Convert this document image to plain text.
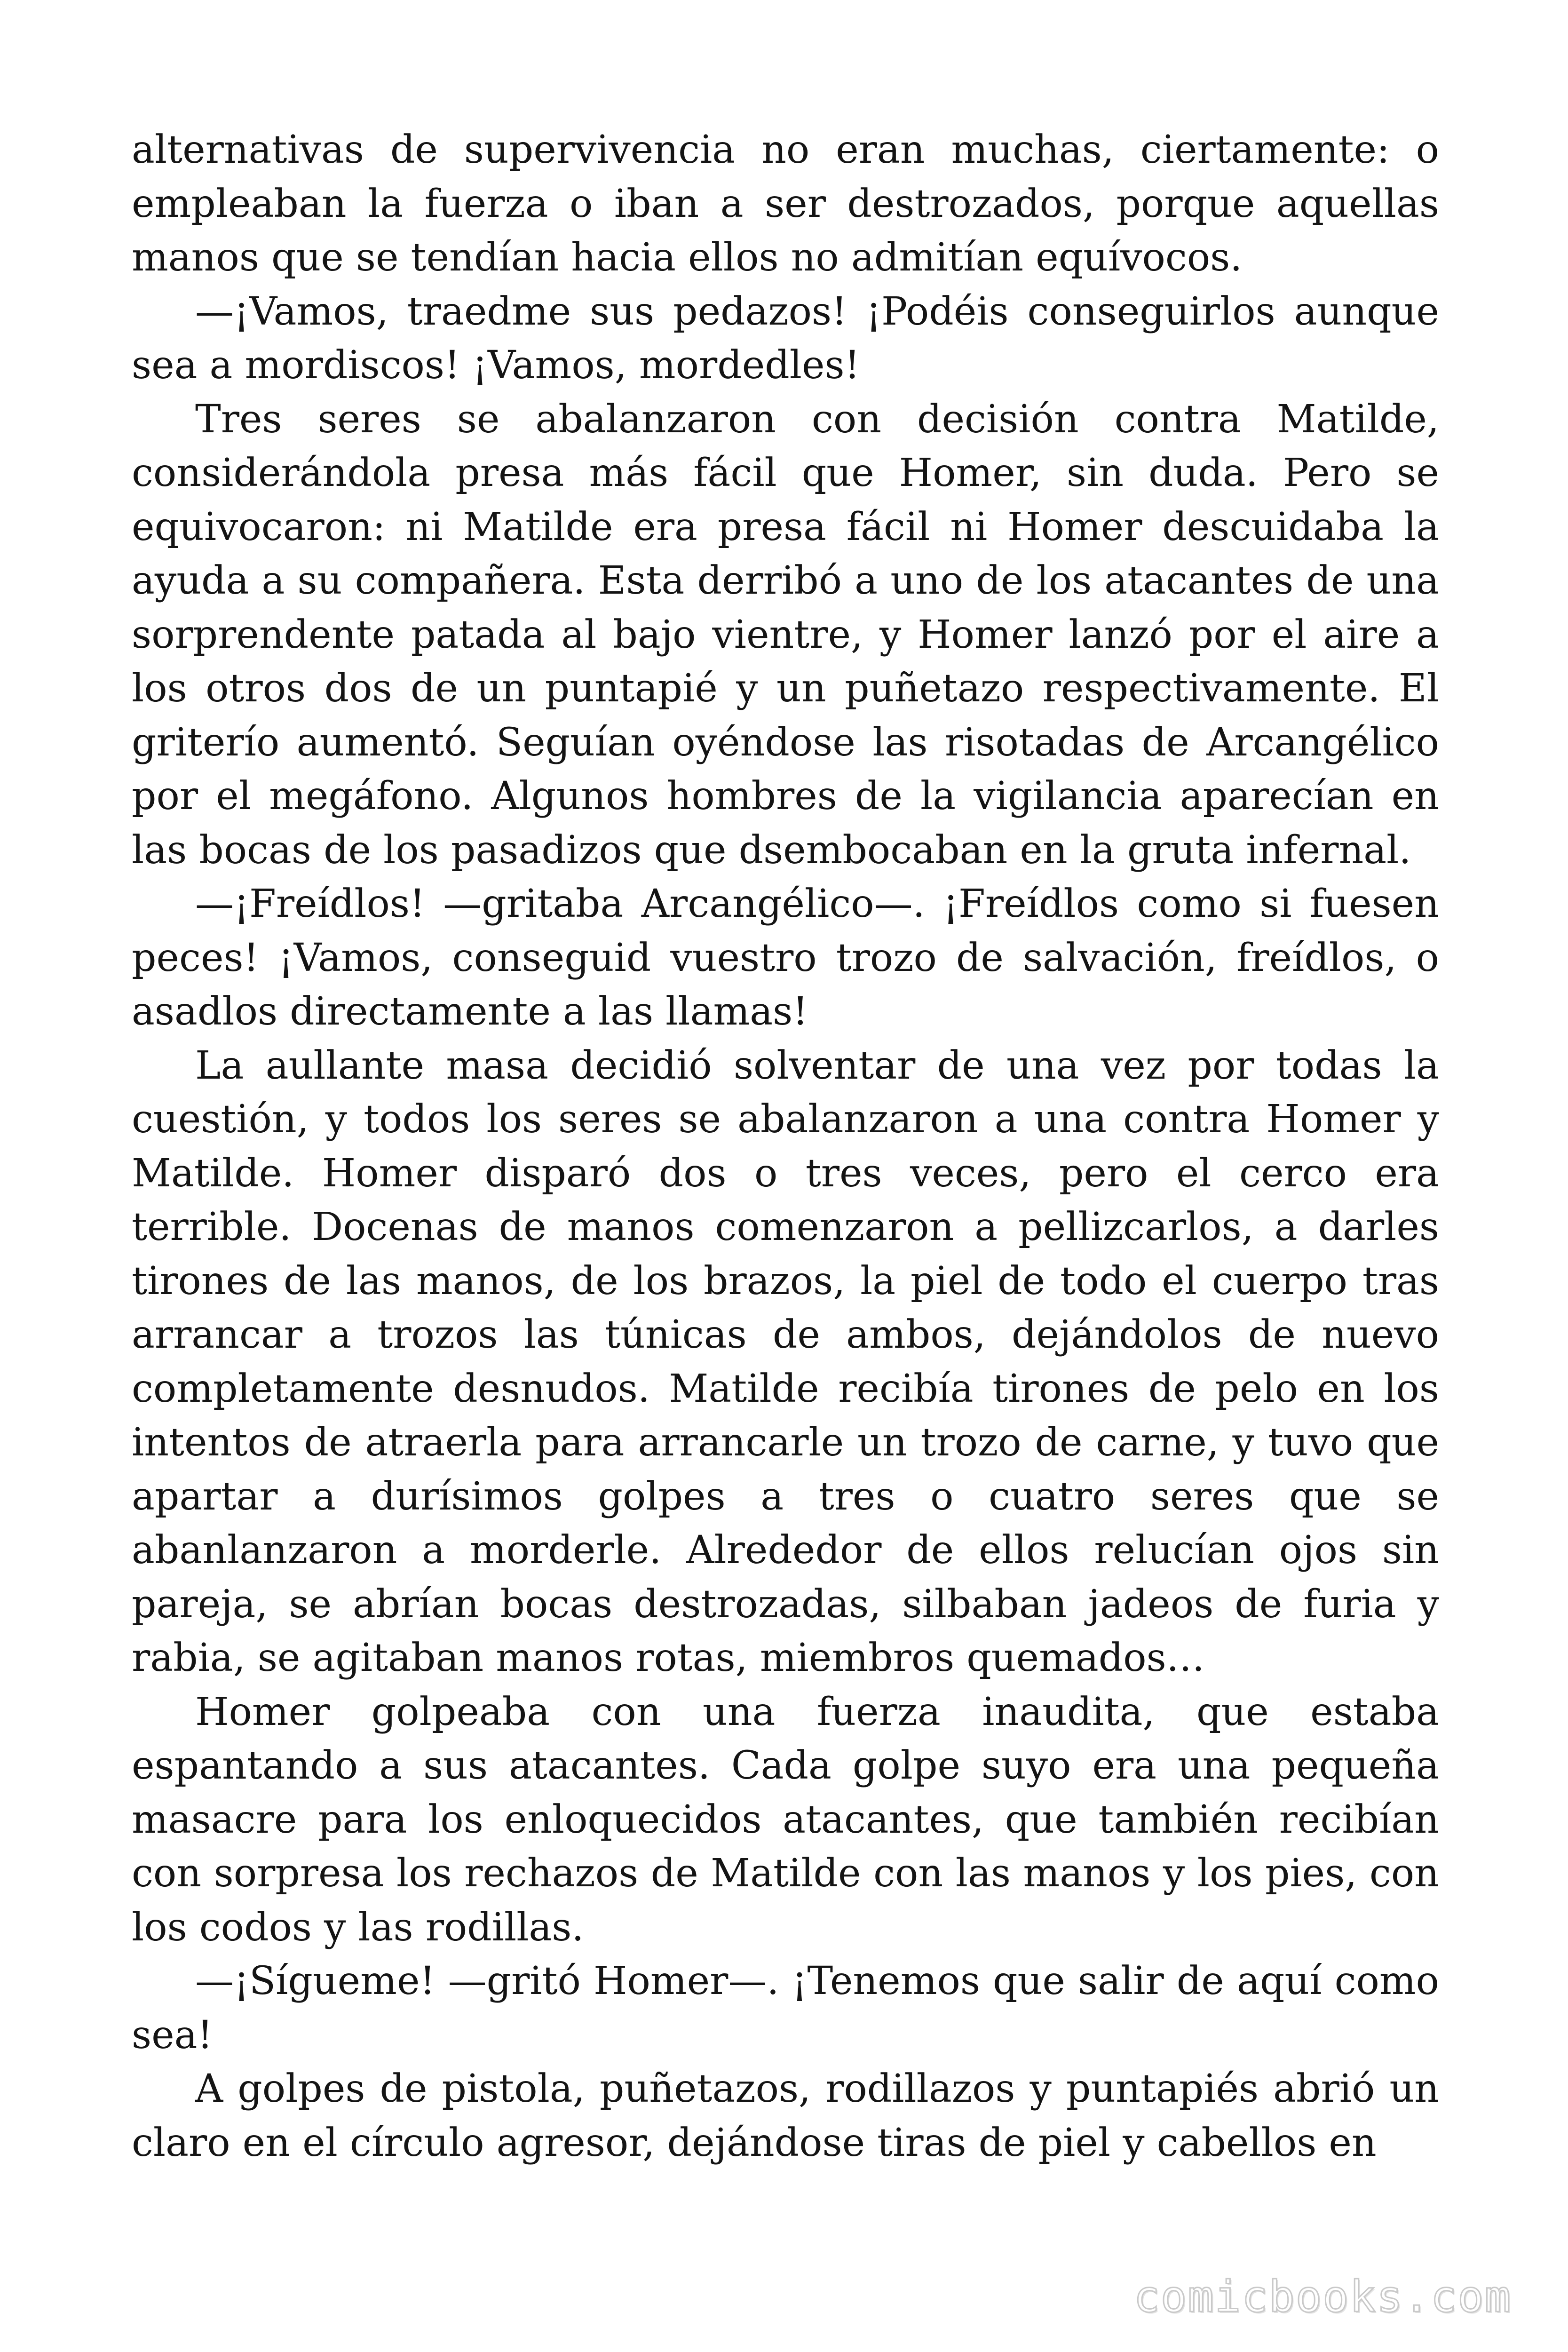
alternativas de supervivencia no eran muchas, ciertamente: o empleaban la fuerza o iban a ser destrozados, porque aquellas manos que se tendían hacia ellos no admitían equívocos.

—¡Vamos, traedme sus pedazos! ¡Podéis conseguirlos aunque sea a mordiscos! ¡Vamos, mordedles!

Tres seres se abalanzaron con decisión contra Matilde, considerándola presa más fácil que Homer, sin duda. Pero se equivocaron: ni Matilde era presa fácil ni Homer descuidaba la ayuda a su compañera. Esta derribó a uno de los atacantes de una sorprendente patada al bajo vientre, y Homer lanzó por el aire a los otros dos de un puntapié y un puñetazo respectivamente. El griterío aumentó. Seguían oyéndose las risotadas de Arcangélico por el megáfono. Algunos hombres de la vigilancia aparecían en las bocas de los pasadizos que dsembocaban en la gruta infernal.

—¡Freídlos! —gritaba Arcangélico—. ¡Freídlos como si fuesen peces! ¡Vamos, conseguid vuestro trozo de salvación, freídlos, o asadlos directamente a las llamas!

La aullante masa decidió solventar de una vez por todas la cuestión, y todos los seres se abalanzaron a una contra Homer y Matilde. Homer disparó dos o tres veces, pero el cerco era terrible. Docenas de manos comenzaron a pellizcarlos, a darles tirones de las manos, de los brazos, la piel de todo el cuerpo tras arrancar a trozos las túnicas de ambos, dejándolos de nuevo completamente desnudos. Matilde recibía tirones de pelo en los intentos de atraerla para arrancarle un trozo de carne, y tuvo que apartar a durísimos golpes a tres o cuatro seres que se abanlanzaron a morderle. Alrededor de ellos relucían ojos sin pareja, se abrían bocas destrozadas, silbaban jadeos de furia y rabia, se agitaban manos rotas, miembros quemados…

Homer golpeaba con una fuerza inaudita, que estaba espantando a sus atacantes. Cada golpe suyo era una pequeña masacre para los enloquecidos atacantes, que también recibían con sorpresa los rechazos de Matilde con las manos y los pies, con los codos y las rodillas.

—¡Sígueme! —gritó Homer—. ¡Tenemos que salir de aquí como sea!

A golpes de pistola, puñetazos, rodillazos y puntapiés abrió un claro en el círculo agresor, dejándose tiras de piel y cabellos en

comicbooks.com
